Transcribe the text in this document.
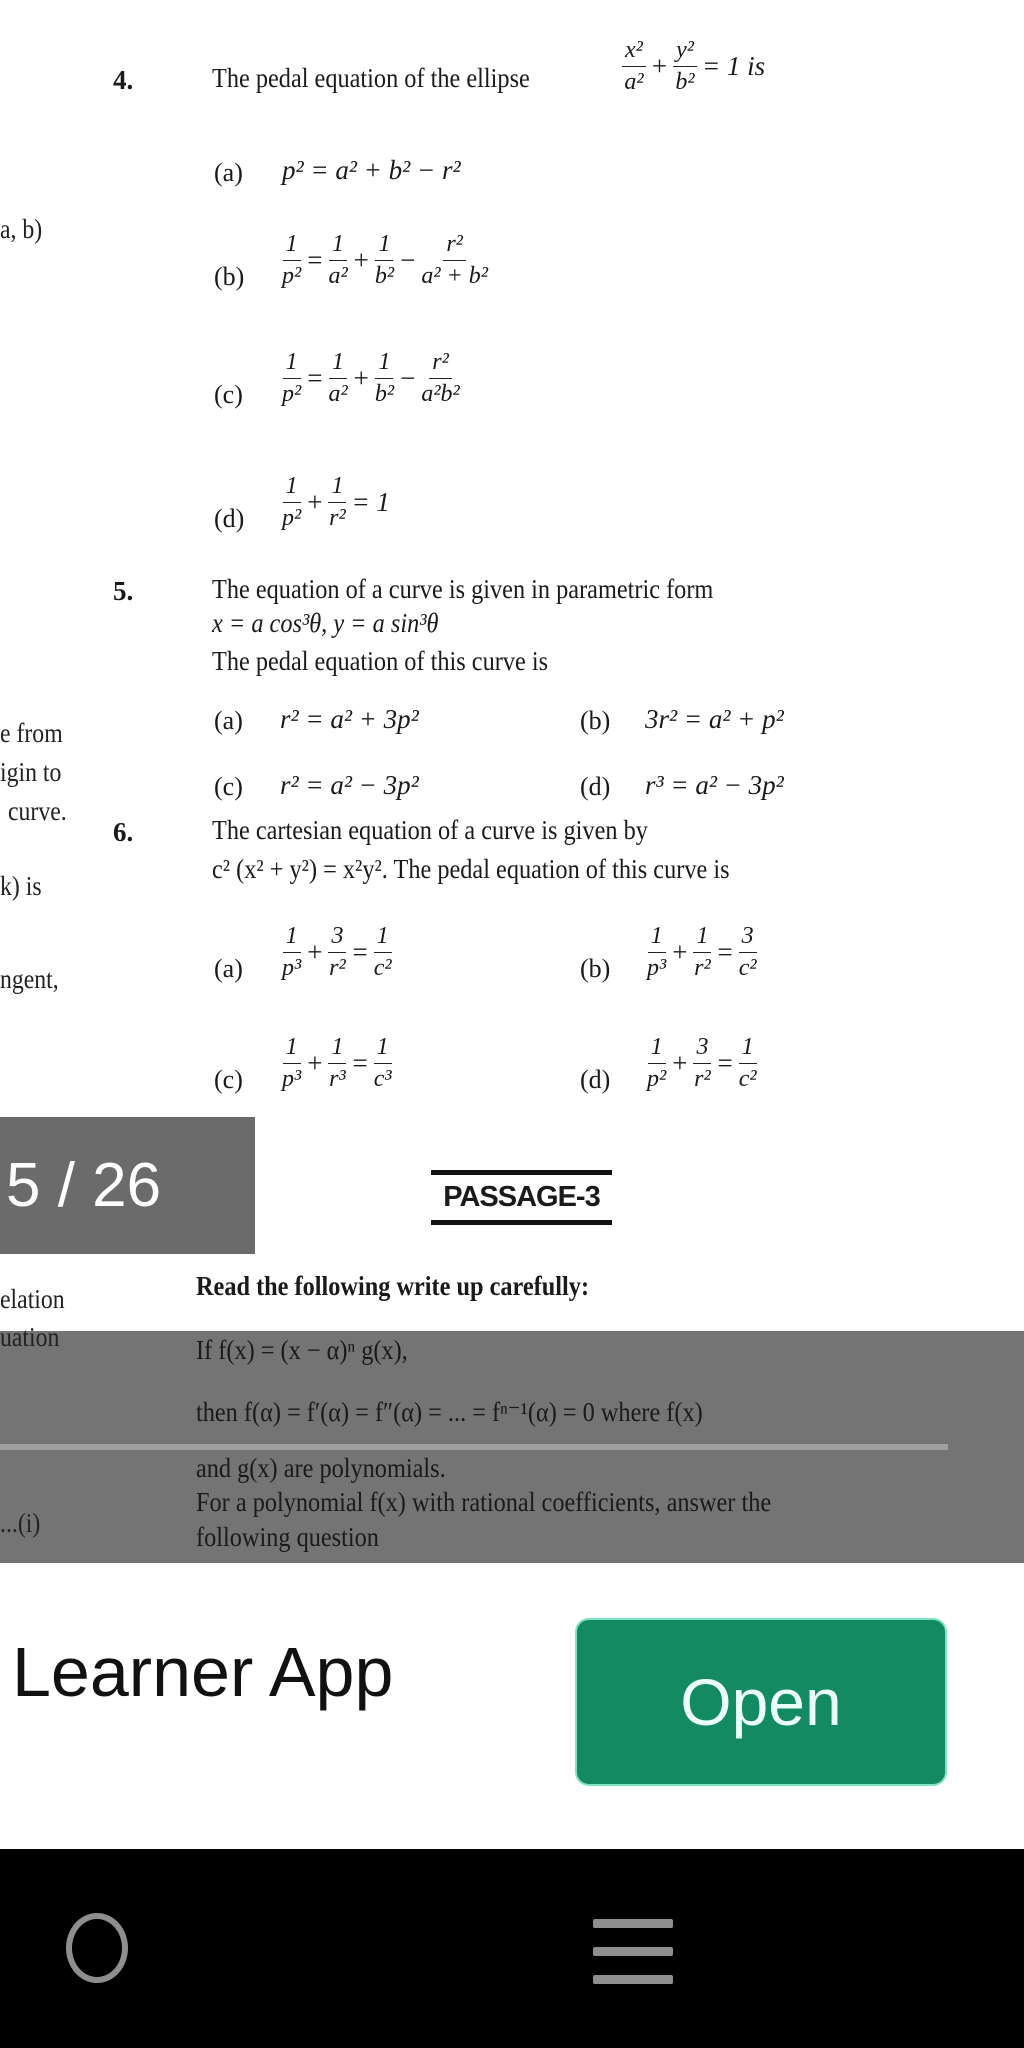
a, b)
e from
igin to
curve.
k) is
ngent,
elation
uation
...(i)
4.	The pedal equation of the ellipse	$\frac{\text{x²}}{\text{a²}} + \frac{\text{y²}}{\text{b²}} = 1$ is
(a) p² = a² + b² − r²
$(b) \frac{1}{\text{p²}} = \frac{1}{\text{a²}} + \frac{1}{\text{b²}} - \frac{\text{r²}}{\text{a² + b²}}$
$(c) \frac{1}{\text{p²}} = \frac{1}{\text{a²}} + \frac{1}{\text{b²}} - \frac{\text{r²}}{\text{a²b²}}$
$(d) \frac{1}{\text{p²}} + \frac{1}{\text{r²}} = 1$
5.	The equation of a curve is given in parametric form
x = a cos³θ, y = a sin³θ
The pedal equation of this curve is
(a) r² = a² + 3p²	(b) 3r² = a² + p²
(c) r² = a² − 3p²	(d) r³ = a² − 3p²
6.	The cartesian equation of a curve is given by
c² (x² + y²) = x²y². The pedal equation of this curve is
$(a) \frac{1}{\text{p³}} + \frac{3}{\text{r²}} = \frac{1}{\text{c²}}$	$(b) \frac{1}{\text{p³}} + \frac{1}{\text{r²}} = \frac{3}{\text{c²}}$
$(c) \frac{1}{\text{p³}} + \frac{1}{\text{r³}} = \frac{1}{\text{c³}}$	$(d) \frac{1}{\text{p²}} + \frac{3}{\text{r²}} = \frac{1}{\text{c²}}$
PASSAGE-3
Read the following write up carefully:
If f(x) = (x − α)ⁿ g(x),
then f(α) = f′(α) = f″(α) = ... = fⁿ⁻¹(α) = 0 where f(x)
and g(x) are polynomials.
For a polynomial f(x) with rational coefficients, answer the
following question
5 / 26
Learner App	Open
